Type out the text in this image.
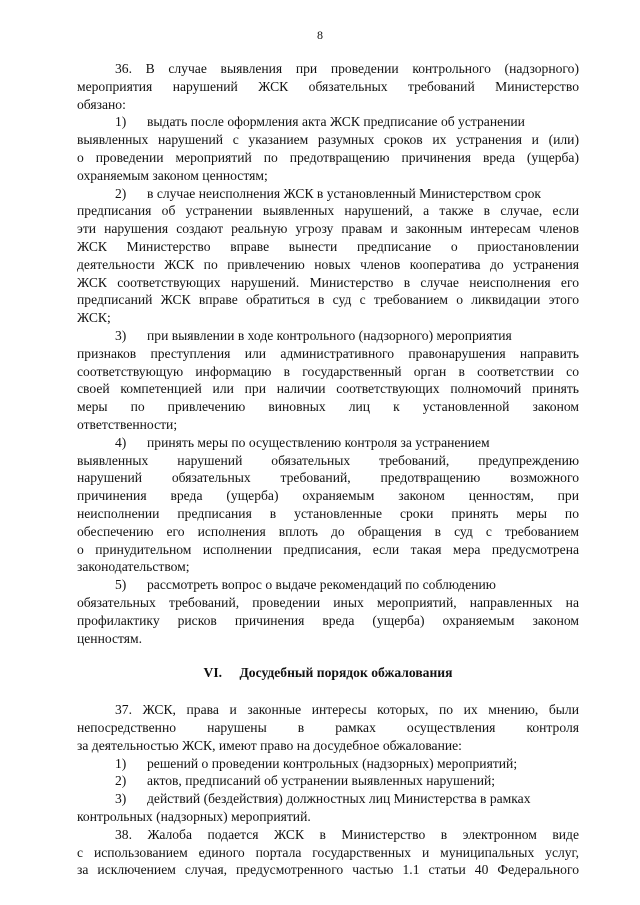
8
36. В случае выявления при проведении контрольного (надзорного)
мероприятия нарушений ЖСК обязательных требований Министерство
обязано:
1) выдать после оформления акта ЖСК предписание об устранении
выявленных нарушений с указанием разумных сроков их устранения и (или)
о проведении мероприятий по предотвращению причинения вреда (ущерба)
охраняемым законом ценностям;
2) в случае неисполнения ЖСК в установленный Министерством срок
предписания об устранении выявленных нарушений, а также в случае, если
эти нарушения создают реальную угрозу правам и законным интересам членов
ЖСК Министерство вправе вынести предписание о приостановлении
деятельности ЖСК по привлечению новых членов кооператива до устранения
ЖСК соответствующих нарушений. Министерство в случае неисполнения его
предписаний ЖСК вправе обратиться в суд с требованием о ликвидации этого
ЖСК;
3) при выявлении в ходе контрольного (надзорного) мероприятия
признаков преступления или административного правонарушения направить
соответствующую информацию в государственный орган в соответствии со
своей компетенцией или при наличии соответствующих полномочий принять
меры по привлечению виновных лиц к установленной законом
ответственности;
4) принять меры по осуществлению контроля за устранением
выявленных нарушений обязательных требований, предупреждению
нарушений обязательных требований, предотвращению возможного
причинения вреда (ущерба) охраняемым законом ценностям, при
неисполнении предписания в установленные сроки принять меры по
обеспечению его исполнения вплоть до обращения в суд с требованием
о принудительном исполнении предписания, если такая мера предусмотрена
законодательством;
5) рассмотреть вопрос о выдаче рекомендаций по соблюдению
обязательных требований, проведении иных мероприятий, направленных на
профилактику рисков причинения вреда (ущерба) охраняемым законом
ценностям.
VI. Досудебный порядок обжалования
37. ЖСК, права и законные интересы которых, по их мнению, были
непосредственно нарушены в рамках осуществления контроля
за деятельностью ЖСК, имеют право на досудебное обжалование:
1) решений о проведении контрольных (надзорных) мероприятий;
2) актов, предписаний об устранении выявленных нарушений;
3) действий (бездействия) должностных лиц Министерства в рамках
контрольных (надзорных) мероприятий.
38. Жалоба подается ЖСК в Министерство в электронном виде
с использованием единого портала государственных и муниципальных услуг,
за исключением случая, предусмотренного частью 1.1 статьи 40 Федерального
